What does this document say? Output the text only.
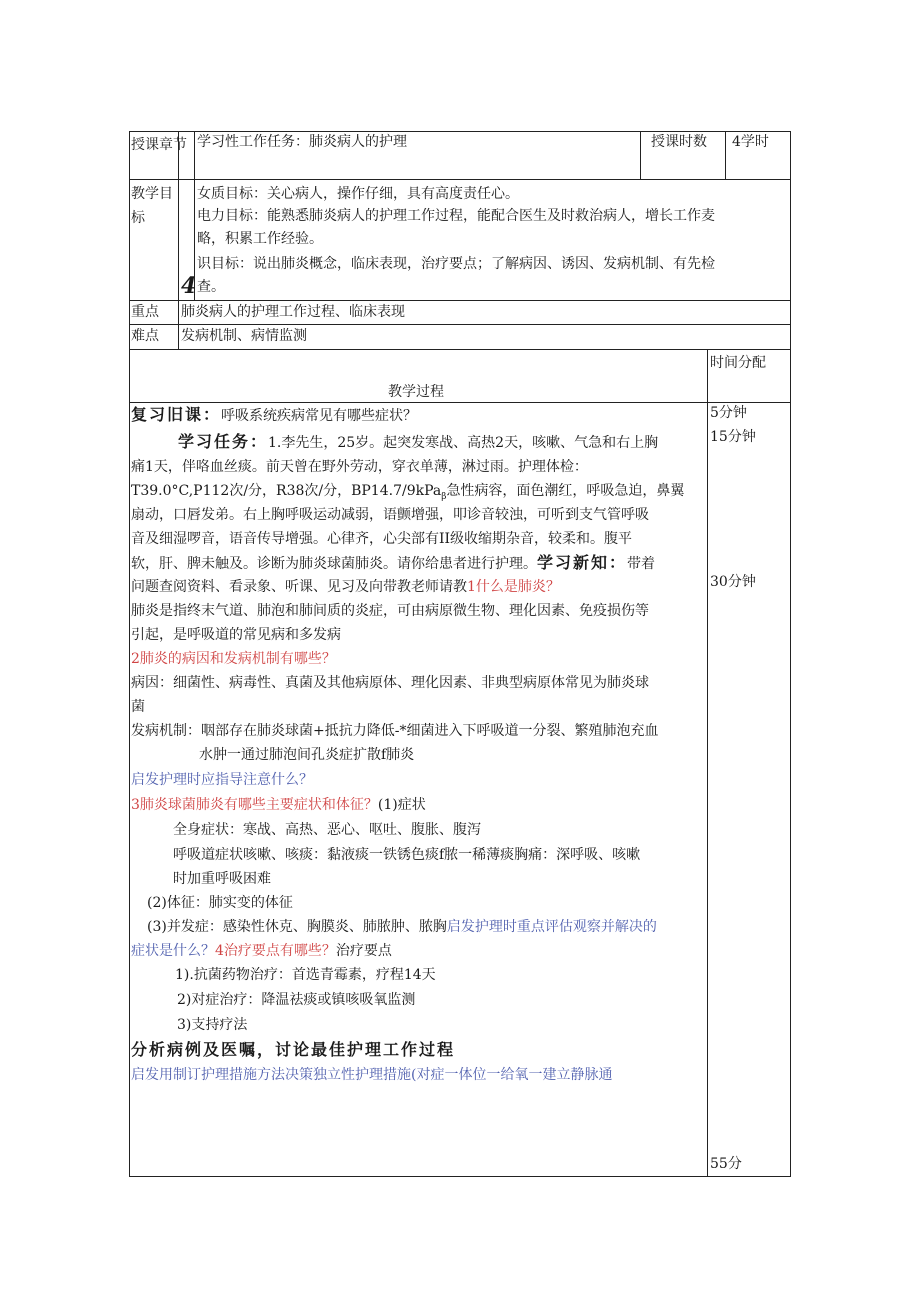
授课章节 学习性工作任务：肺炎病人的护理	授课时数 4学时
教学目
标
4
女质目标：关心病人，操作仔细，具有高度责任心。
电力目标：能熟悉肺炎病人的护理工作过程，能配合医生及时救治病人，增长工作麦
略，积累工作经验。
识目标：说出肺炎概念，临床表现，治疗要点；了解病因、诱因、发病机制、有先检
查。
重点 肺炎病人的护理工作过程、临床表现
难点 发病机制、病情监测
时间分配
教学过程
5分钟
15分钟
30分钟
55分
复习旧课：呼吸系统疾病常见有哪些症状？
学习任务：1.李先生，25岁。起突发寒战、高热2天，咳嗽、气急和右上胸
痛1天，伴咯血丝痰。前天曾在野外劳动，穿衣单薄，淋过雨。护理体检：
T39.0°C,P112次/分，R38次/分，BP14.7/9kPa$_\beta$急性病容，面色潮红，呼吸急迫，鼻翼
扇动，口唇发弟。右上胸呼吸运动减弱，语颤增强，叩诊音较浊，可听到支气管呼吸
音及细湿啰音，语音传导增强。心律齐，心尖部有II级收缩期杂音，较柔和。腹平
软，肝、脾未触及。诊断为肺炎球菌肺炎。请你给患者进行护理。学习新知：带着
问题查阅资料、看录象、听课、见习及向带教老师请教1什么是肺炎？
肺炎是指终末气道、肺泡和肺间质的炎症，可由病原微生物、理化因素、免疫损伤等
引起，是呼吸道的常见病和多发病
2肺炎的病因和发病机制有哪些？
病因：细菌性、病毒性、真菌及其他病原体、理化因素、非典型病原体常见为肺炎球
菌
发病机制：咽部存在肺炎球菌+抵抗力降低-*细菌进入下呼吸道一分裂、繁殖肺泡充血
水肿一通过肺泡间孔炎症扩散f肺炎
启发护理时应指导注意什么？
3肺炎球菌肺炎有哪些主要症状和体征？(1)症状
全身症状：寒战、高热、恶心、呕吐、腹胀、腹泻
呼吸道症状咳嗽、咳痰：黏液痰一铁锈色痰f脓一稀薄痰胸痛：深呼吸、咳嗽
时加重呼吸困难
(2)体征：肺实变的体征
(3)并发症：感染性休克、胸膜炎、肺脓肿、脓胸启发护理时重点评估观察并解决的
症状是什么？4治疗要点有哪些？治疗要点
1).抗菌药物治疗：首选青霉素，疗程14天
2)对症治疗：降温祛痰或镇咳吸氧监测
3)支持疗法
分析病例及医嘱，讨论最佳护理工作过程
启发用制订护理措施方法决策独立性护理措施(对症一体位一给氧一建立静脉通
